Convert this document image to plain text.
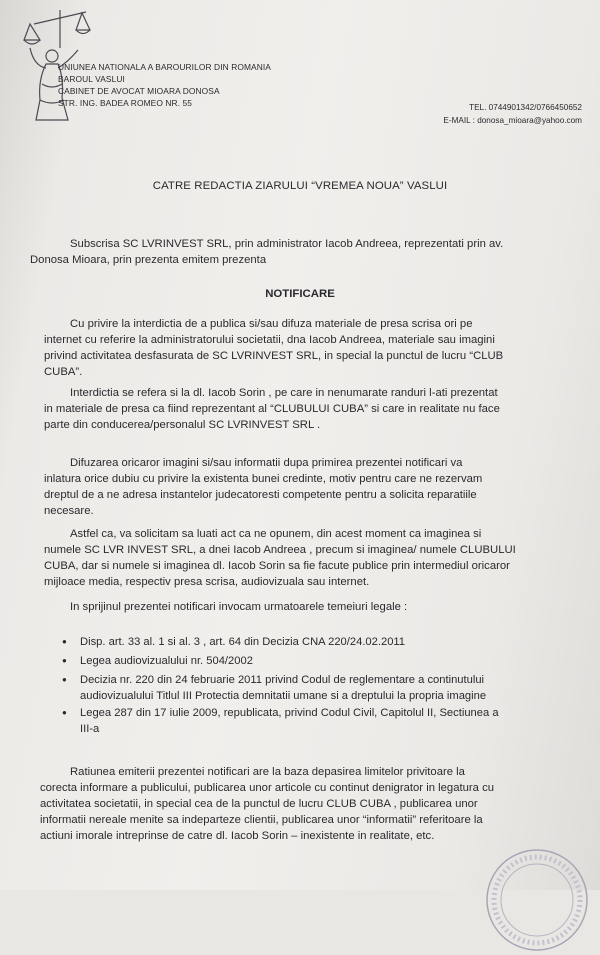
UNIUNEA NATIONALA A BAROURILOR DIN ROMANIA
BAROUL VASLUI
CABINET DE AVOCAT MIOARA DONOSA
STR. ING. BADEA ROMEO NR. 55	TEL. 0744901342/0766450652
E-MAIL : donosa_mioara@yahoo.com
CATRE REDACTIA ZIARULUI “VREMEA NOUA” VASLUI
Subscrisa SC LVRINVEST SRL, prin administrator Iacob Andreea, reprezentati prin av.
Donosa Mioara, prin prezenta emitem prezenta
NOTIFICARE
Cu privire la interdictia de a publica si/sau difuza materiale de presa scrisa ori pe
internet cu referire la administratorului societatii, dna Iacob Andreea, materiale sau imagini
privind activitatea desfasurata de SC LVRINVEST SRL, in special la punctul de lucru “CLUB
CUBA”.
Interdictia se refera si la dl. Iacob Sorin , pe care in nenumarate randuri l-ati prezentat
in materiale de presa ca fiind reprezentant al “CLUBULUI CUBA” si care in realitate nu face
parte din conducerea/personalul SC LVRINVEST SRL .
Difuzarea oricaror imagini si/sau informatii dupa primirea prezentei notificari va
inlatura orice dubiu cu privire la existenta bunei credinte, motiv pentru care ne rezervam
dreptul de a ne adresa instantelor judecatoresti competente pentru a solicita reparatiile
necesare.
Astfel ca, va solicitam sa luati act ca ne opunem, din acest moment ca imaginea si
numele SC LVR INVEST SRL, a dnei Iacob Andreea , precum si imaginea/ numele CLUBULUI
CUBA, dar si numele si imaginea dl. Iacob Sorin sa fie facute publice prin intermediul oricaror
mijloace media, respectiv presa scrisa, audiovizuala sau internet.
In sprijinul prezentei notificari invocam urmatoarele temeiuri legale :
● Disp. art. 33 al. 1 si al. 3 , art. 64 din Decizia CNA 220/24.02.2011
● Legea audiovizualului nr. 504/2002
● Decizia nr. 220 din 24 februarie 2011 privind Codul de reglementare a continutului
audiovizualului Titlul III Protectia demnitatii umane si a dreptului la propria imagine
● Legea 287 din 17 iulie 2009, republicata, privind Codul Civil, Capitolul II, Sectiunea a
III-a
Ratiunea emiterii prezentei notificari are la baza depasirea limitelor privitoare la
corecta informare a publicului, publicarea unor articole cu continut denigrator in legatura cu
activitatea societatii, in special cea de la punctul de lucru CLUB CUBA , publicarea unor
informatii nereale menite sa indeparteze clientii, publicarea unor “informatii” referitoare la
actiuni imorale intreprinse de catre dl. Iacob Sorin – inexistente in realitate, etc.
